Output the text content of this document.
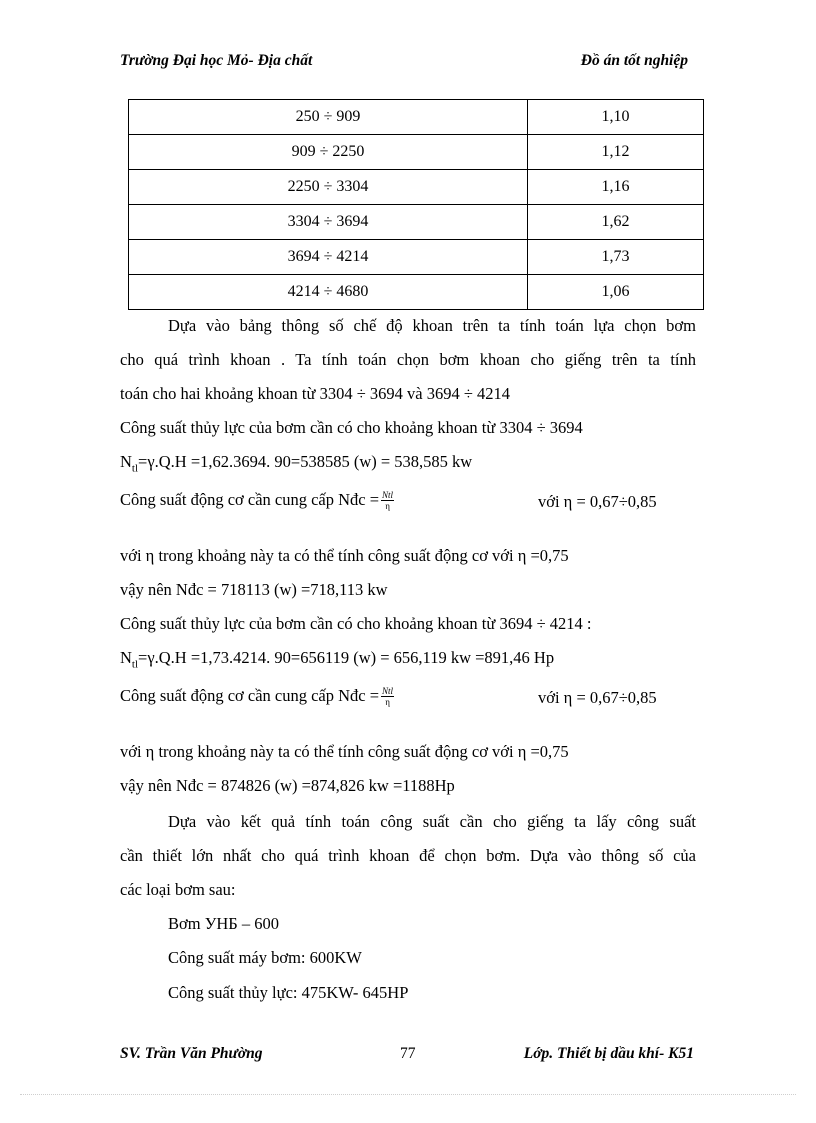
Trường Đại học Mỏ- Địa chất	Đồ án tốt nghiệp
250 ÷ 909	1,10
909 ÷ 2250	1,12
2250 ÷ 3304	1,16
3304 ÷ 3694	1,62
3694 ÷ 4214	1,73
4214 ÷ 4680	1,06
Dựa vào bảng thông số chế độ khoan trên ta tính toán lựa chọn bơm
cho quá trình khoan . Ta tính toán chọn bơm khoan cho giếng trên ta tính
toán cho hai khoảng khoan từ 3304 ÷ 3694 và 3694 ÷ 4214
Công suất thủy lực của bơm cần có cho khoảng khoan từ 3304 ÷ 3694
$N_{tl}=\gamma.Q.H =1,62.3694$. 90=538585 (w) = 538,585 kw
Công suất động cơ cần cung cấp Nđc = $\frac{\text{Ntl}}{\eta}$	với η = 0,67÷0,85
với η trong khoảng này ta có thể tính công suất động cơ với η =0,75
vậy nên Nđc = 718113 (w) =718,113 kw
Công suất thủy lực của bơm cần có cho khoảng khoan từ 3694 ÷ 4214 :
$N_{tl}=\gamma.Q.H =1,73.4214$. 90=656119 (w) = 656,119 kw =891,46 Hp
Công suất động cơ cần cung cấp Nđc = $\frac{\text{Ntl}}{\eta}$	với η = 0,67÷0,85
với η trong khoảng này ta có thể tính công suất động cơ với η =0,75
vậy nên Nđc = 874826 (w) =874,826 kw =1188Hp
Dựa vào kết quả tính toán công suất cần cho giếng ta lấy công suất
cần thiết lớn nhất cho quá trình khoan để chọn bơm. Dựa vào thông số của
các loại bơm sau:
Bơm УНБ – 600
Công suất máy bơm: 600KW
Công suất thủy lực: 475KW- 645HP
SV. Trần Văn Phường	77	Lớp. Thiết bị dầu khí- K51
